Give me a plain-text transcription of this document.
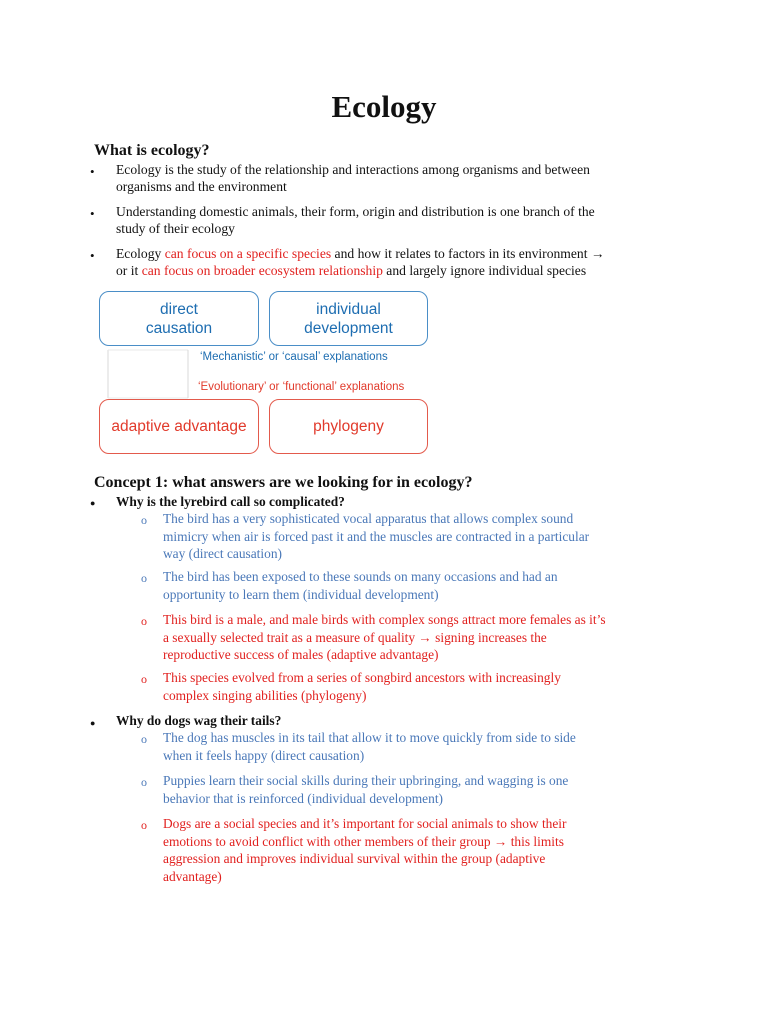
Ecology
What is ecology?
•	Ecology is the study of the relationship and interactions among organisms and between
organisms and the environment
•	Understanding domestic animals, their form, origin and distribution is one branch of the
study of their ecology
•	Ecology can focus on a specific species and how it relates to factors in its environment →
or it can focus on broader ecosystem relationship and largely ignore individual species
direct
causation
individual
development
‘Mechanistic’ or ‘causal’ explanations
‘Evolutionary’ or ‘functional’ explanations
adaptive advantage	phylogeny
Concept 1: what answers are we looking for in ecology?
●	Why is the lyrebird call so complicated?
o The bird has a very sophisticated vocal apparatus that allows complex sound
mimicry when air is forced past it and the muscles are contracted in a particular
way (direct causation)
o The bird has been exposed to these sounds on many occasions and had an
opportunity to learn them (individual development)
o This bird is a male, and male birds with complex songs attract more females as it’s
a sexually selected trait as a measure of quality → signing increases the
reproductive success of males (adaptive advantage)
o This species evolved from a series of songbird ancestors with increasingly
complex singing abilities (phylogeny)
●	Why do dogs wag their tails?
o The dog has muscles in its tail that allow it to move quickly from side to side
when it feels happy (direct causation)
o Puppies learn their social skills during their upbringing, and wagging is one
behavior that is reinforced (individual development)
o Dogs are a social species and it’s important for social animals to show their
emotions to avoid conflict with other members of their group → this limits
aggression and improves individual survival within the group (adaptive
advantage)
